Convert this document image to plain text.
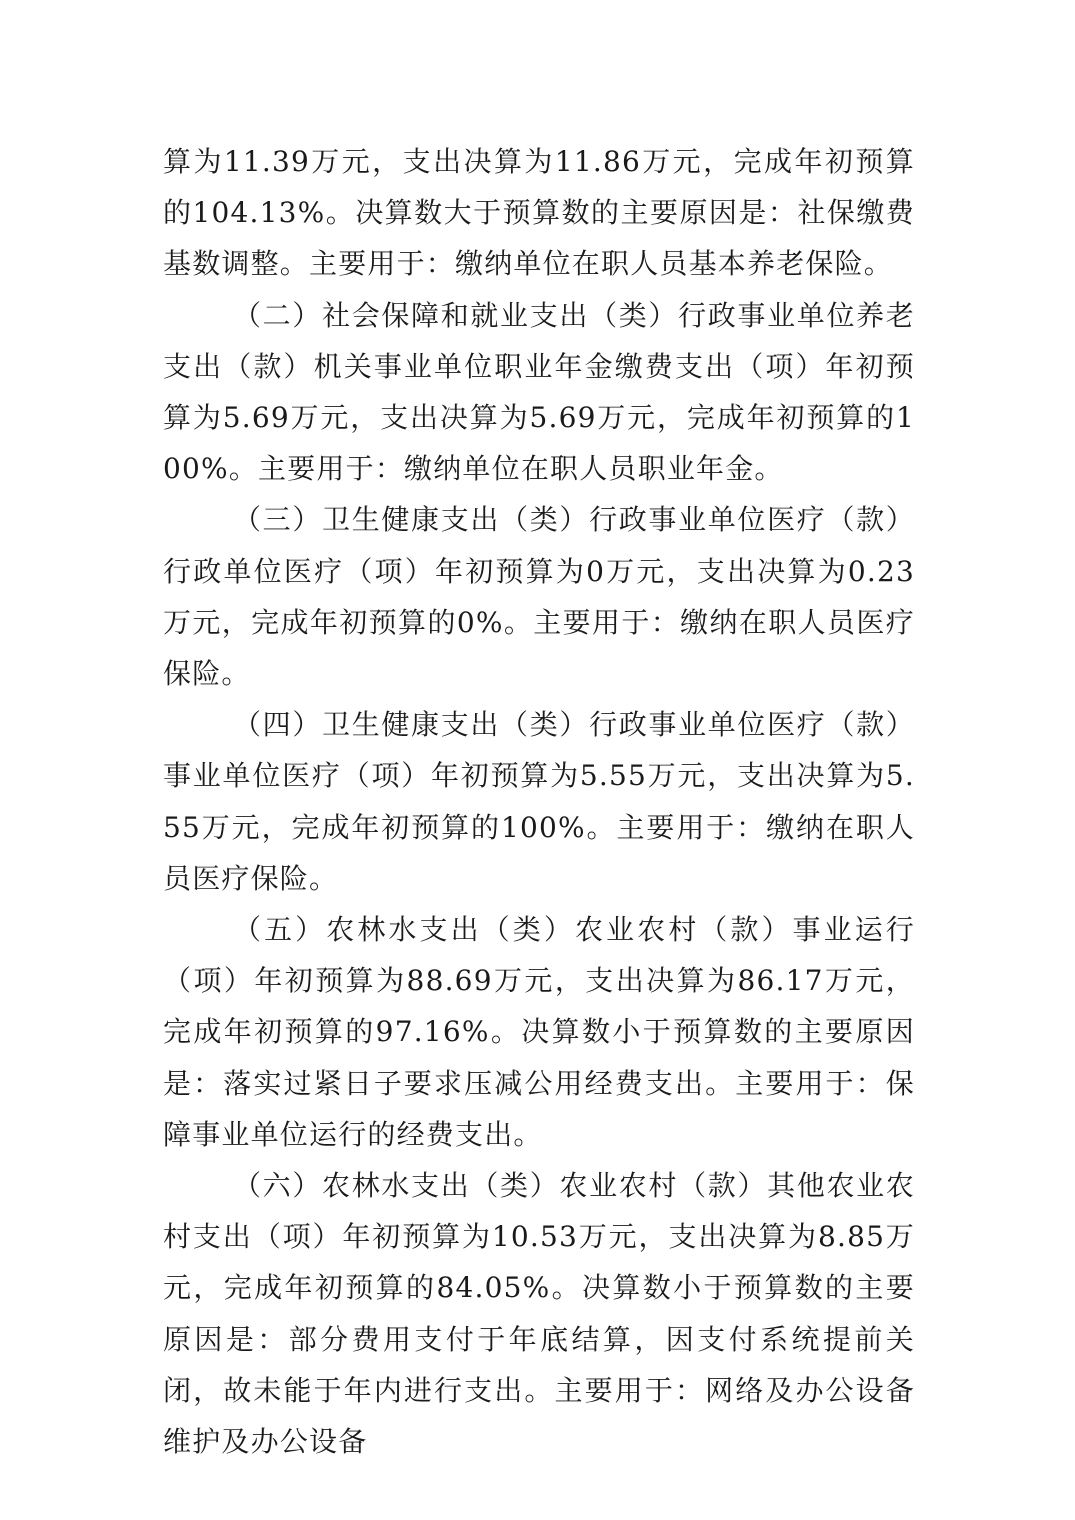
算为11.39万元，支出决算为11.86万元，完成年初预算的104.13%。决算数大于预算数的主要原因是：社保缴费基数调整。主要用于：缴纳单位在职人员基本养老保险。

（二）社会保障和就业支出（类）行政事业单位养老支出（款）机关事业单位职业年金缴费支出（项）年初预算为5.69万元，支出决算为5.69万元，完成年初预算的100%。主要用于：缴纳单位在职人员职业年金。

（三）卫生健康支出（类）行政事业单位医疗（款）行政单位医疗（项）年初预算为0万元，支出决算为0.23万元，完成年初预算的0%。主要用于：缴纳在职人员医疗保险。

（四）卫生健康支出（类）行政事业单位医疗（款）事业单位医疗（项）年初预算为5.55万元，支出决算为5.55万元，完成年初预算的100%。主要用于：缴纳在职人员医疗保险。

（五）农林水支出（类）农业农村（款）事业运行（项）年初预算为88.69万元，支出决算为86.17万元，完成年初预算的97.16%。决算数小于预算数的主要原因是：落实过紧日子要求压减公用经费支出。主要用于：保障事业单位运行的经费支出。

（六）农林水支出（类）农业农村（款）其他农业农村支出（项）年初预算为10.53万元，支出决算为8.85万元，完成年初预算的84.05%。决算数小于预算数的主要原因是：部分费用支付于年底结算，因支付系统提前关闭，故未能于年内进行支出。主要用于：网络及办公设备维护及办公设备
